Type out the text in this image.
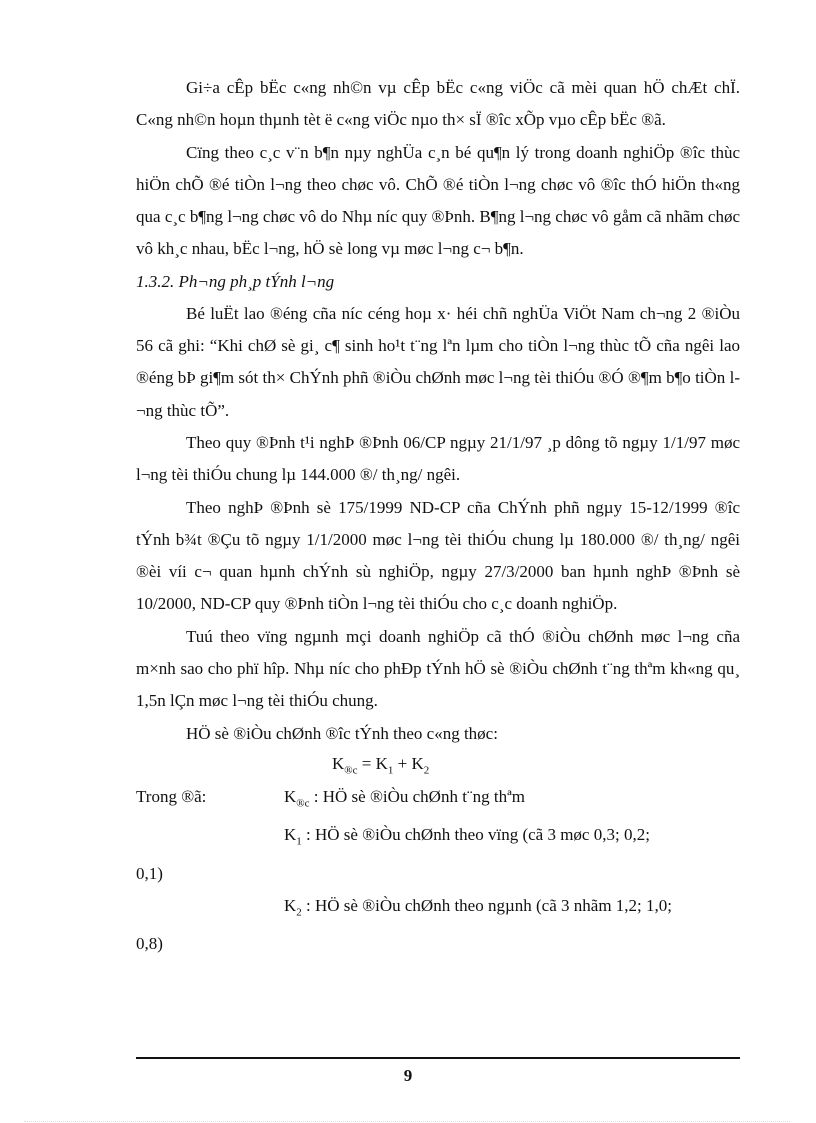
Gi÷a cÊp bËc c«ng nh©n vµ cÊp bËc c«ng viÖc cã mèi quan hÖ chÆt chÏ. C«ng nh©n hoµn thµnh tèt ë c«ng viÖc nµo th× sÏ ®îc xÕp vµo cÊp bËc ®ã.

Cïng theo c¸c v¨n b¶n nµy nghÜa c¸n bé qu¶n lý trong doanh nghiÖp ®îc thùc hiÖn chÕ ®é tiÒn l¬ng theo chøc vô. ChÕ ®é tiÒn l¬ng chøc vô ®îc thÓ hiÖn th«ng qua c¸c b¶ng l¬ng chøc vô do Nhµ níc quy ®Þnh. B¶ng l¬ng chøc vô gåm cã nhãm chøc vô kh¸c nhau, bËc l¬ng, hÖ sè long vµ møc l¬ng c¬ b¶n.

1.3.2. Ph¬ng ph¸p tÝnh l¬ng

Bé luËt lao ®éng cña níc céng hoµ x· héi chñ nghÜa ViÖt Nam ch¬ng 2 ®iÒu 56 cã ghi: “Khi chØ sè gi¸ c¶ sinh ho¹t t¨ng lªn lµm cho tiÒn l¬ng thùc tÕ cña ngêi lao ®éng bÞ gi¶m sót th× ChÝnh phñ ®iÒu chØnh møc l¬ng tèi thiÓu ®Ó ®¶m b¶o tiÒn l¬ng thùc tÕ”.

Theo quy ®Þnh t¹i nghÞ ®Þnh 06/CP ngµy 21/1/97 ¸p dông tõ ngµy 1/1/97 møc l¬ng tèi thiÓu chung lµ 144.000 ®/ th¸ng/ ngêi.

Theo nghÞ ®Þnh sè 175/1999 ND-CP cña ChÝnh phñ ngµy 15-12/1999 ®îc tÝnh b¾t ®Çu tõ ngµy 1/1/2000 møc l¬ng tèi thiÓu chung lµ 180.000 ®/ th¸ng/ ngêi ®èi víi c¬ quan hµnh chÝnh sù nghiÖp, ngµy 27/3/2000 ban hµnh nghÞ ®Þnh sè 10/2000, ND-CP quy ®Þnh tiÒn l¬ng tèi thiÓu cho c¸c doanh nghiÖp.

Tuú theo vïng ngµnh mçi doanh nghiÖp cã thÓ ®iÒu chØnh møc l¬ng cña m×nh sao cho phï hîp. Nhµ níc cho phÐp tÝnh hÖ sè ®iÒu chØnh t¨ng thªm kh«ng qu¸ 1,5n lÇn møc l¬ng tèi thiÓu chung.

HÖ sè ®iÒu chØnh ®îc tÝnh theo c«ng thøc:

$K_{®c} = K_1 + K_2$
Trong ®ã:	$K_{®c}$ : HÖ sè ®iÒu chØnh t¨ng thªm
$K_1$ : HÖ sè ®iÒu chØnh theo vïng (cã 3 møc 0,3; 0,2;
0,1)
$K_2$ : HÖ sè ®iÒu chØnh theo ngµnh (cã 3 nhãm 1,2; 1,0;
0,8)
9
